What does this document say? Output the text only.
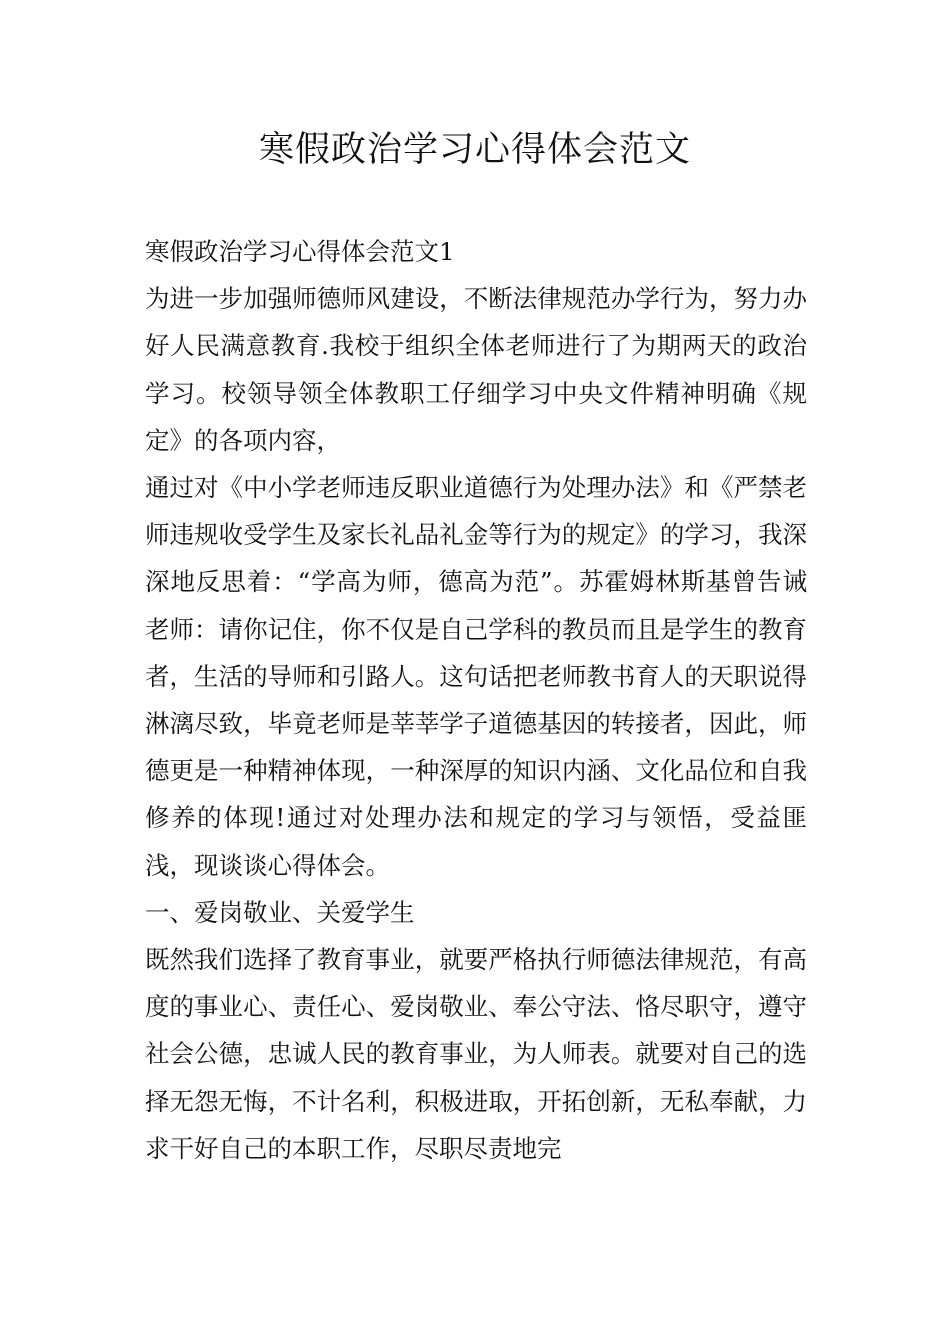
寒假政治学习心得体会范文

寒假政治学习心得体会范文1

为进一步加强师德师风建设，不断法律规范办学行为，努力办好人民满意教育.我校于组织全体老师进行了为期两天的政治学习。校领导领全体教职工仔细学习中央文件精神明确《规定》的各项内容，

通过对《中小学老师违反职业道德行为处理办法》和《严禁老师违规收受学生及家长礼品礼金等行为的规定》的学习，我深深地反思着：“学高为师，德高为范”。苏霍姆林斯基曾告诫老师：请你记住，你不仅是自己学科的教员而且是学生的教育者，生活的导师和引路人。这句话把老师教书育人的天职说得淋漓尽致，毕竟老师是莘莘学子道德基因的转接者，因此，师德更是一种精神体现，一种深厚的知识内涵、文化品位和自我修养的体现!通过对处理办法和规定的学习与领悟，受益匪浅，现谈谈心得体会。

一、爱岗敬业、关爱学生

既然我们选择了教育事业，就要严格执行师德法律规范，有高度的事业心、责任心、爱岗敬业、奉公守法、恪尽职守，遵守社会公德，忠诚人民的教育事业，为人师表。就要对自己的选择无怨无悔，不计名利，积极进取，开拓创新，无私奉献，力求干好自己的本职工作，尽职尽责地完
